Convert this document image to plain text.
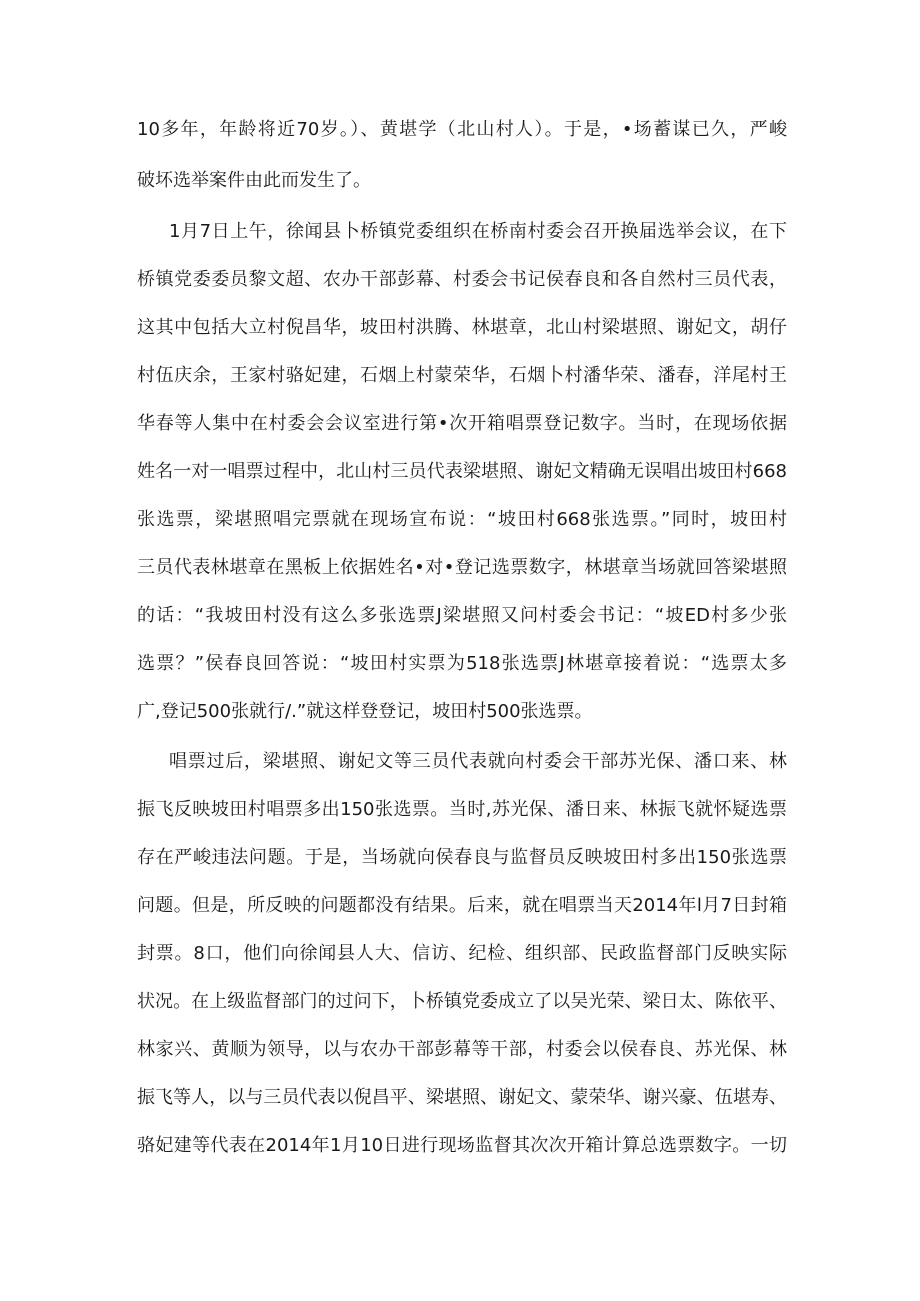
10多年，年龄将近70岁。）、黄堪学（北山村人）。于是，•场蓄谋已久，严峻
破坏选举案件由此而发生了。
1月7日上午，徐闻县卜桥镇党委组织在桥南村委会召开换届选举会议，在下
桥镇党委委员黎文超、农办干部彭幕、村委会书记侯春良和各自然村三员代表，
这其中包括大立村倪昌华，坡田村洪腾、林堪章，北山村梁堪照、谢妃文，胡仔
村伍庆余，王家村骆妃建，石烟上村蒙荣华，石烟卜村潘华荣、潘春，洋尾村王
华春等人集中在村委会会议室进行第•次开箱唱票登记数字。当时，在现场依据
姓名一对一唱票过程中，北山村三员代表梁堪照、谢妃文精确无误唱出坡田村668
张选票，梁堪照唱完票就在现场宣布说：“坡田村668张选票。”同时，坡田村
三员代表林堪章在黑板上依据姓名•对•登记选票数字，林堪章当场就回答梁堪照
的话：“我坡田村没有这么多张选票J梁堪照又问村委会书记：“坡ED村多少张
选票？”侯春良回答说：“坡田村实票为518张选票J林堪章接着说：“选票太多
广,登记500张就行/.”就这样登登记，坡田村500张选票。
唱票过后，梁堪照、谢妃文等三员代表就向村委会干部苏光保、潘口来、林
振飞反映坡田村唱票多出150张选票。当时,苏光保、潘日来、林振飞就怀疑选票
存在严峻违法问题。于是，当场就向侯春良与监督员反映坡田村多出150张选票
问题。但是，所反映的问题都没有结果。后来，就在唱票当天2014年l月7日封箱
封票。8口，他们向徐闻县人大、信访、纪检、组织部、民政监督部门反映实际
状况。在上级监督部门的过问下，卜桥镇党委成立了以吴光荣、梁日太、陈依平、
林家兴、黄顺为领导，以与农办干部彭幕等干部，村委会以侯春良、苏光保、林
振飞等人，以与三员代表以倪昌平、梁堪照、谢妃文、蒙荣华、谢兴豪、伍堪寿、
骆妃建等代表在2014年1月10日进行现场监督其次次开箱计算总选票数字。一切
